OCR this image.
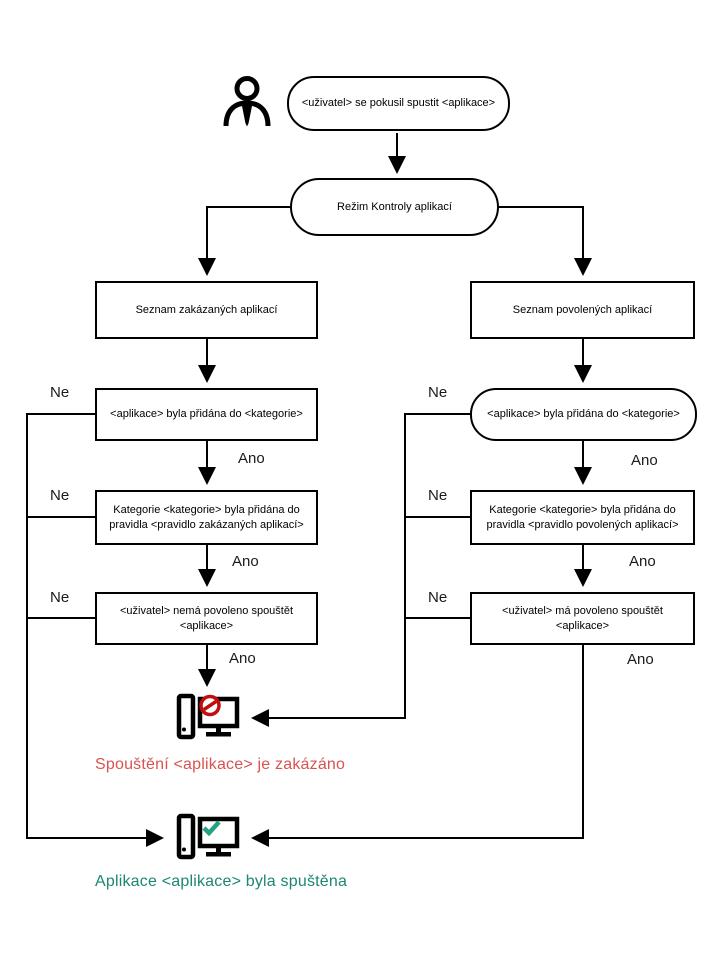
<uživatel> se pokusil spustit <aplikace>
Režim Kontroly aplikací
Seznam zakázaných aplikací	Seznam povolených aplikací
<aplikace> byla přidána do <kategorie>	<aplikace> byla přidána do <kategorie>
Kategorie <kategorie> byla přidána do pravidla <pravidlo zakázaných aplikací>
Kategorie <kategorie> byla přidána do pravidla <pravidlo povolených aplikací>
<uživatel> nemá povoleno spouštět <aplikace>
<uživatel> má povoleno spouštět <aplikace>
Ne
Ne
Ne
Ne
Ne
Ne
Ano
Ano
Ano
Ano
Ano
Ano
Spouštění <aplikace> je zakázáno
Aplikace <aplikace> byla spuštěna
